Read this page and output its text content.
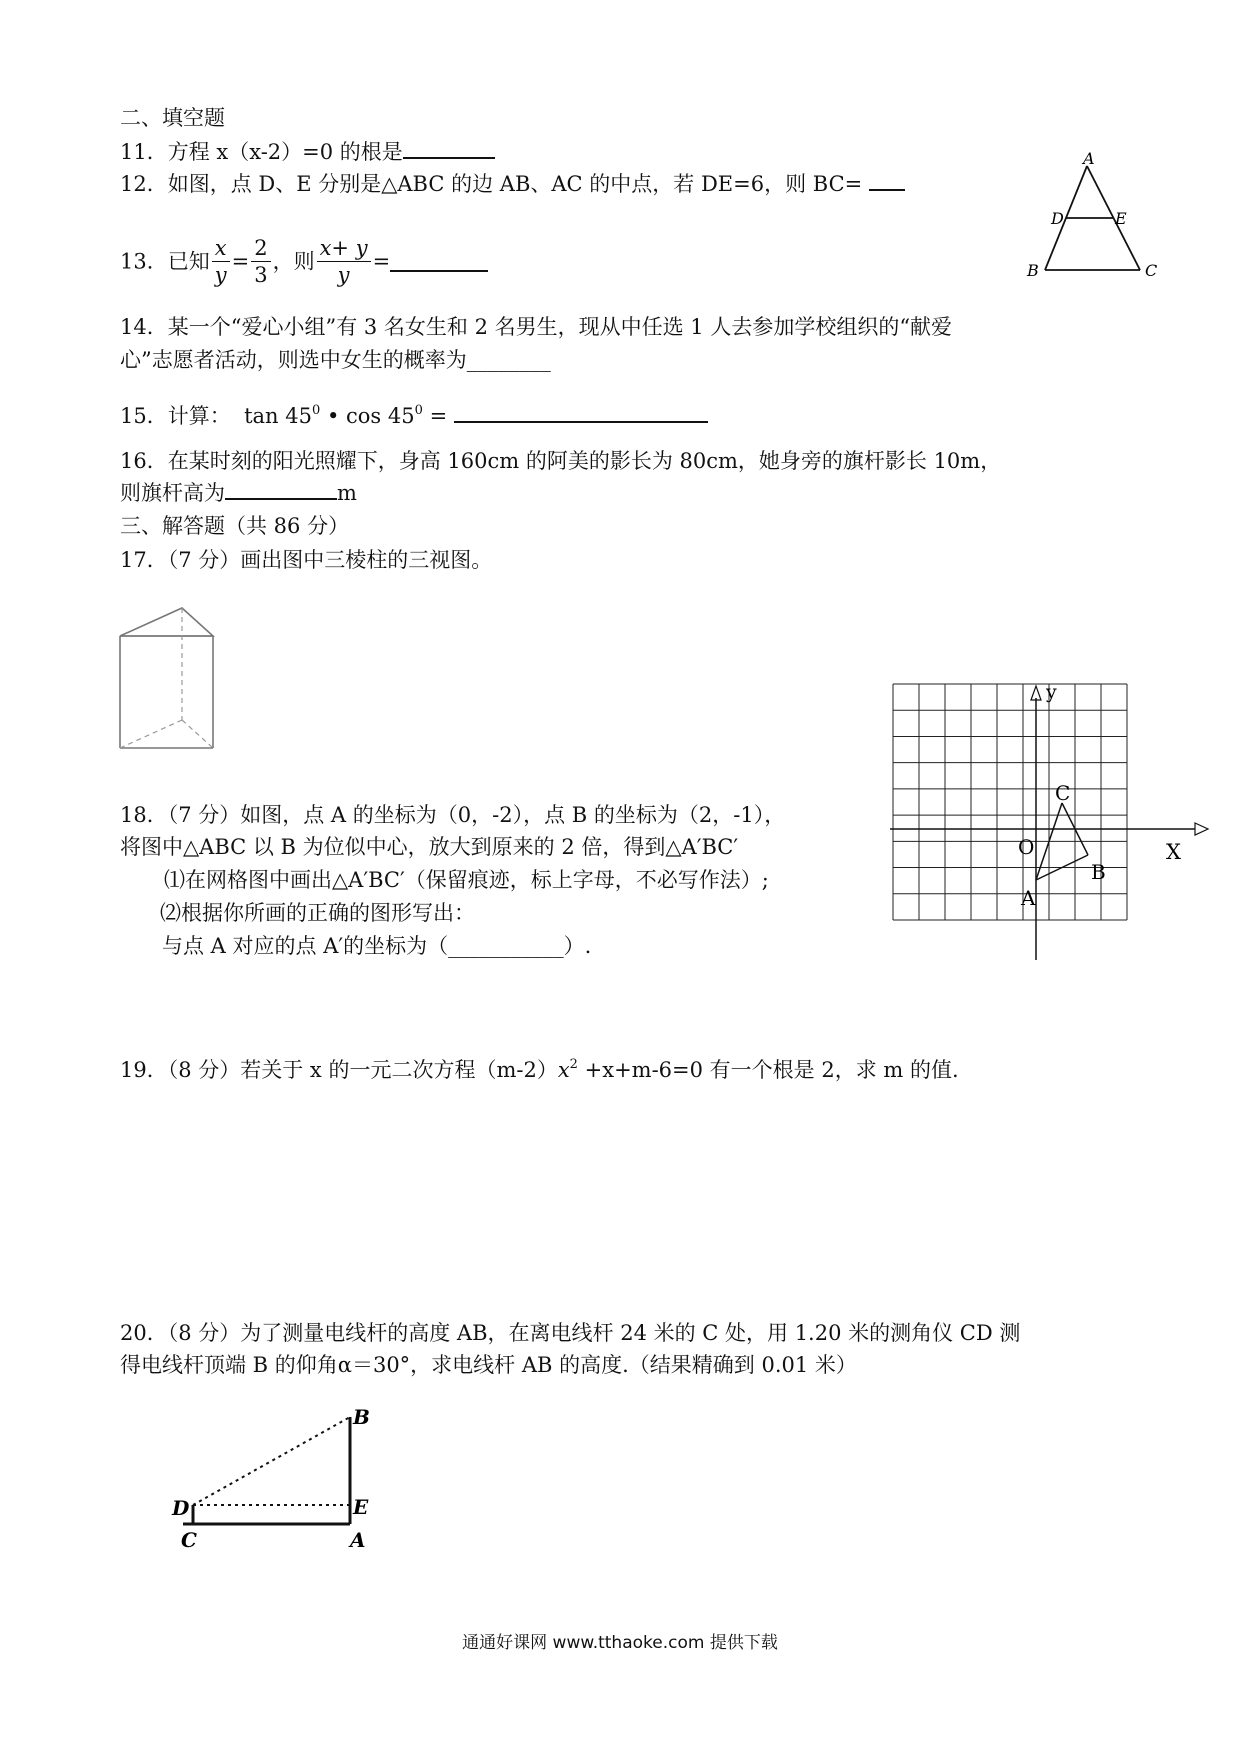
二、填空题
11．方程 x（x-2）=0 的根是
12．如图，点 D、E 分别是△ABC 的边 AB、AC 的中点，若 DE=6，则 BC=
A
D	E
B	C
13．已知 $\frac{x}{y} = \frac{2}{3}$ ，则 $\frac{x+ y}{y}$ =
14．某一个“爱心小组”有 3 名女生和 2 名男生，现从中任选 1 人去参加学校组织的“献爱
心”志愿者活动，则选中女生的概率为________
15．计算： $\tan 45^0$ • $\cos 45^0$ =
16．在某时刻的阳光照耀下，身高 160cm 的阿美的影长为 80cm，她身旁的旗杆影长 10m，
则旗杆高为	m
三、解答题（共 86 分）
17．（7 分）画出图中三棱柱的三视图。
18．（7 分）如图，点 A 的坐标为（0，-2），点 B 的坐标为（2，-1），
将图中△ABC 以 B 为位似中心，放大到原来的 2 倍，得到△A′BC′
⑴在网格图中画出△A′BC′（保留痕迹，标上字母，不必写作法）;
⑵根据你所画的正确的图形写出：
与点 A 对应的点 A′的坐标为（___________）.
y
X
O
A
B
C
19．（8 分）若关于 x 的一元二次方程$(m-2)x^2 +x+m-6=0$ 有一个根是 2，求 m 的值.
20．（8 分）为了测量电线杆的高度 AB，在离电线杆 24 米的 C 处，用 1.20 米的测角仪 CD 测
得电线杆顶端 B 的仰角α＝30°，求电线杆 AB 的高度.（结果精确到 0.01 米）
B
D	E
C	A
通通好课网 www.tthaoke.com 提供下载
